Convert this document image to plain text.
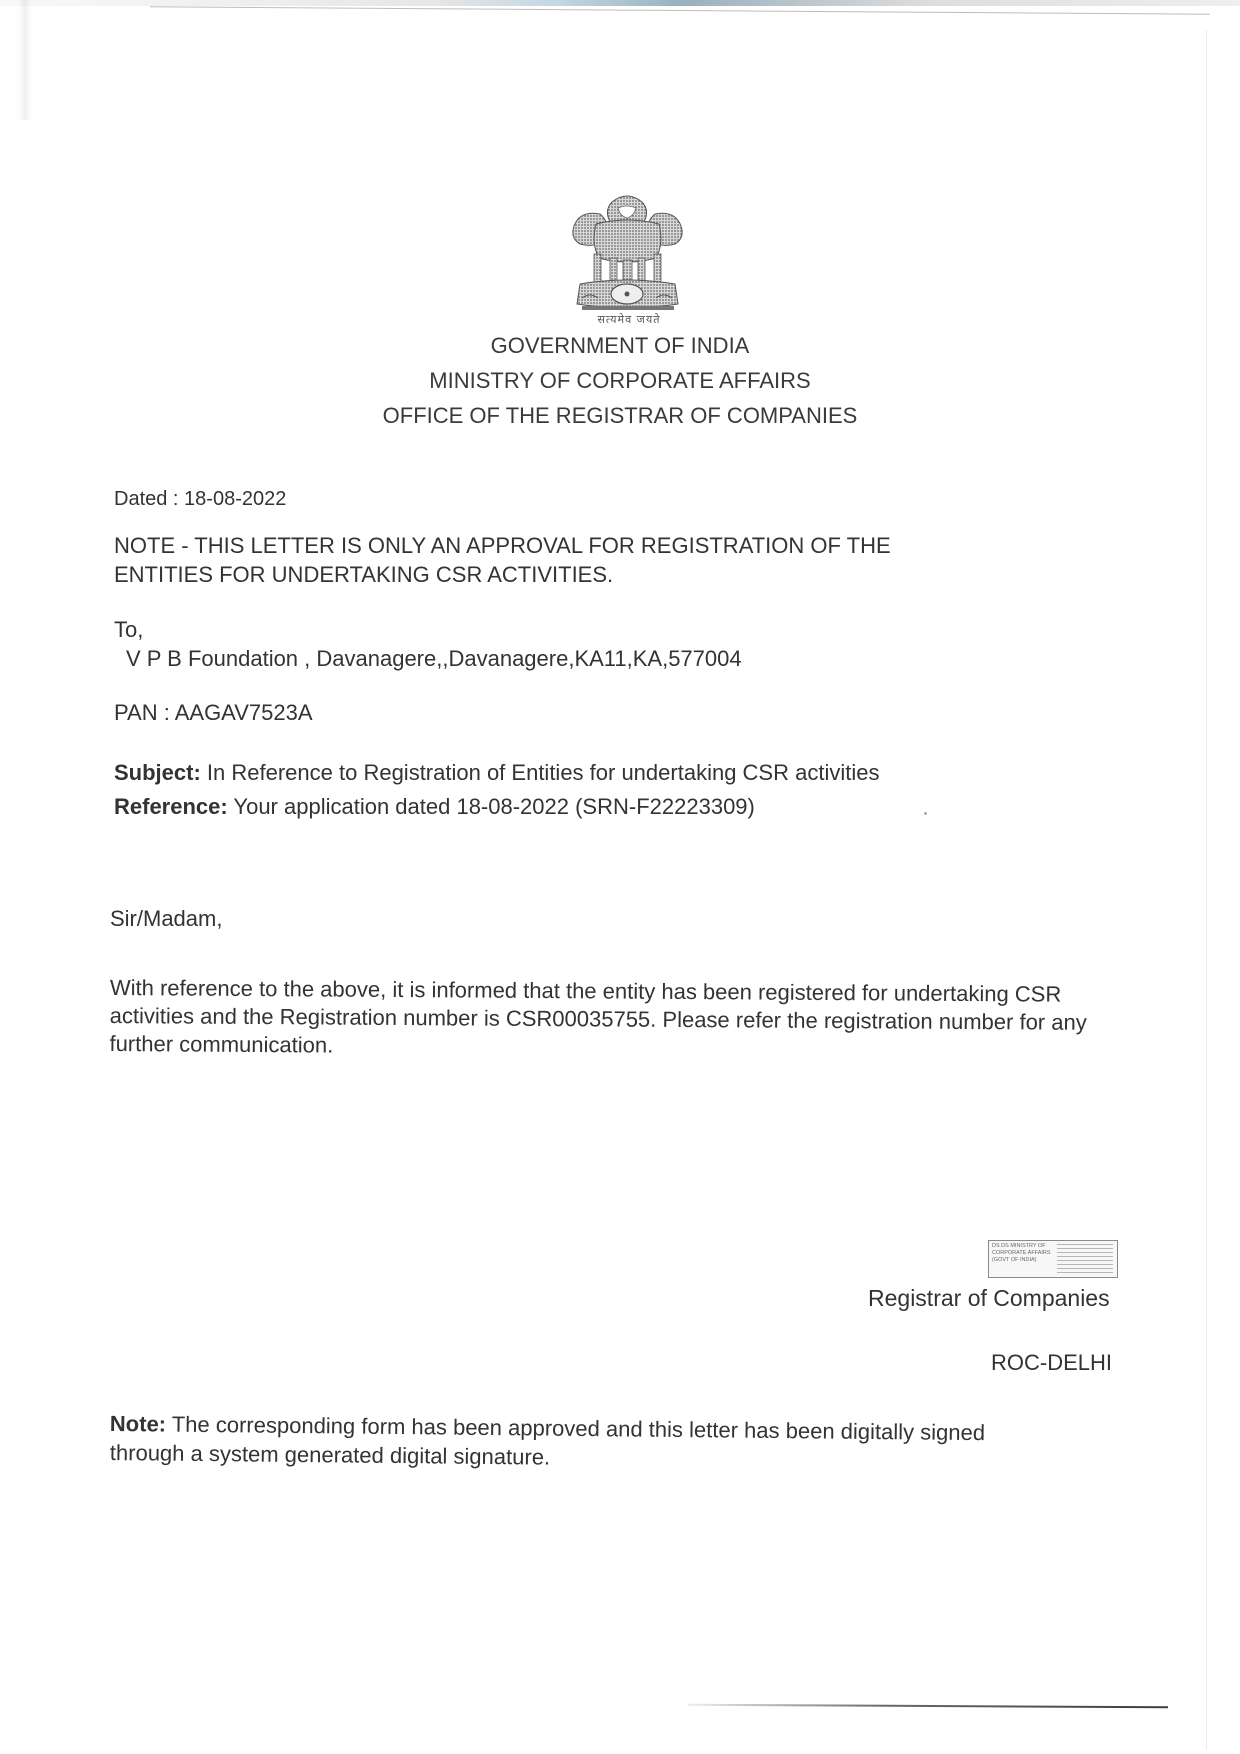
सत्यमेव जयते
GOVERNMENT OF INDIA
MINISTRY OF CORPORATE AFFAIRS
OFFICE OF THE REGISTRAR OF COMPANIES
Dated : 18-08-2022
NOTE - THIS LETTER IS ONLY AN APPROVAL FOR REGISTRATION OF THE
ENTITIES FOR UNDERTAKING CSR ACTIVITIES.
To,
V P B Foundation , Davanagere,,Davanagere,KA11,KA,577004
PAN : AAGAV7523A
Subject: In Reference to Registration of Entities for undertaking CSR activities
Reference: Your application dated 18-08-2022 (SRN-F22223309)
Sir/Madam,
With reference to the above, it is informed that the entity has been registered for undertaking CSR activities and the Registration number is CSR00035755. Please refer the registration number for any further communication.
DS DS MINISTRY OF CORPORATE AFFAIRS (GOVT OF INDIA)
Registrar of Companies
ROC-DELHI
Note: The corresponding form has been approved and this letter has been digitally signed
through a system generated digital signature.
